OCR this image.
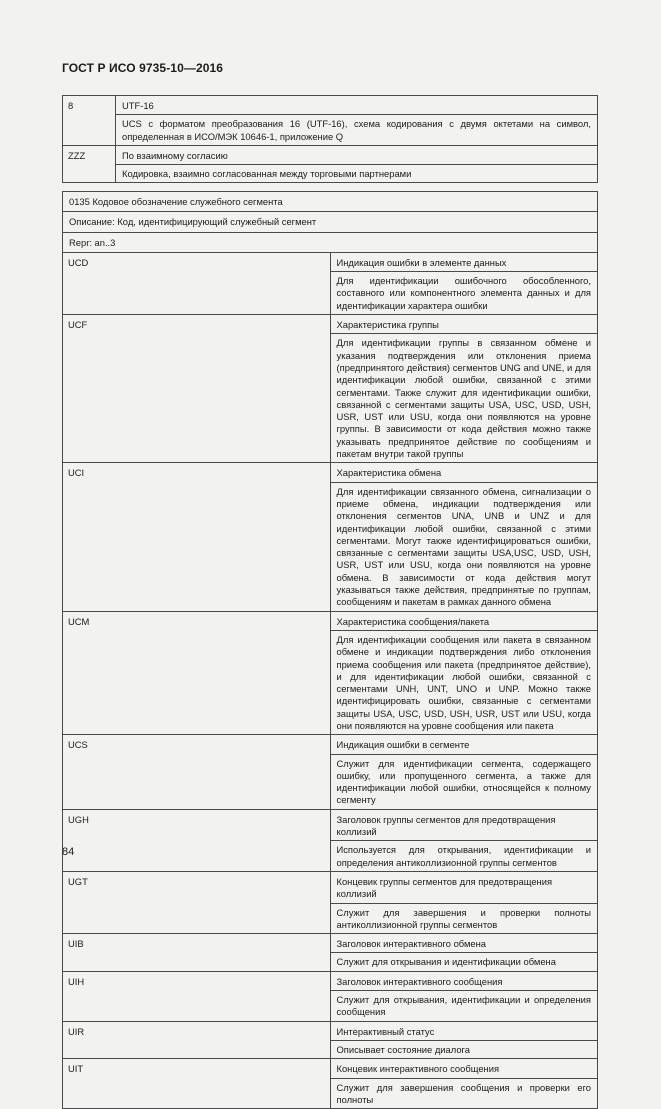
ГОСТ Р ИСО 9735-10—2016
8	UTF-16
UCS с форматом преобразования 16 (UTF-16), схема кодирования с двумя октетами на символ, определенная в ИСО/МЭК 10646-1, приложение Q

ZZZ	По взаимному согласию
Кодировка, взаимно согласованная между торговыми партнерами
0135 Кодовое обозначение служебного сегмента	
Описание: Код, идентифицирующий служебный сегмент	
Repr: an..3	
UCD	Индикация ошибки в элементе данных
Для идентификации ошибочного обособленного, составного или компонентного элемента данных и для идентификации характера ошибки

UCF	Характеристика группы
Для идентификации группы в связанном обмене и указания подтверждения или отклонения приема (предпринятого действия) сегментов UNG and UNE, и для идентификации любой ошибки, связанной с этими сегментами. Также служит для идентификации ошибки, связанной с сегментами защиты USA, USC, USD, USH, USR, UST или USU, когда они появляются на уровне группы. В зависимости от кода действия можно также указывать предпринятое действие по сообщениям и пакетам внутри такой группы

UCI	Характеристика обмена
Для идентификации связанного обмена, сигнализации о приеме обмена, индикации подтверждения или отклонения сегментов UNA, UNB и UNZ и для идентификации любой ошибки, связанной с этими сегментами. Могут также идентифицироваться ошибки, связанные с сегментами защиты USA,USC, USD, USH, USR, UST или USU, когда они появляются на уровне обмена. В зависимости от кода действия могут указываться также действия, предпринятые по группам, сообщениям и пакетам в рамках данного обмена

UCM	Характеристика сообщения/пакета
Для идентификации сообщения или пакета в связанном обмене и индикации подтверждения либо отклонения приема сообщения или пакета (предпринятое действие), и для идентификации любой ошибки, связанной с сегментами UNH, UNT, UNO и UNP. Можно также идентифицировать ошибки, связанные с сегментами защиты USA, USC, USD, USH, USR, UST или USU, когда они появляются на уровне сообщения или пакета

UCS	Индикация ошибки в сегменте
Служит для идентификации сегмента, содержащего ошибку, или пропущенного сегмента, а также для идентификации любой ошибки, относящейся к полному сегменту

UGH	Заголовок группы сегментов для предотвращения коллизий
Используется для открывания, идентификации и определения антиколлизионной группы сегментов

UGT	Концевик группы сегментов для предотвращения коллизий
Служит для завершения и проверки полноты антиколлизионной группы сегментов

UIB	Заголовок интерактивного обмена
Служит для открывания и идентификации обмена

UIH	Заголовок интерактивного сообщения
Служит для открывания, идентификации и определения сообщения

UIR	Интерактивный статус
Описывает состояние диалога

UIT	Концевик интерактивного сообщения
Служит для завершения сообщения и проверки его полноты
84
